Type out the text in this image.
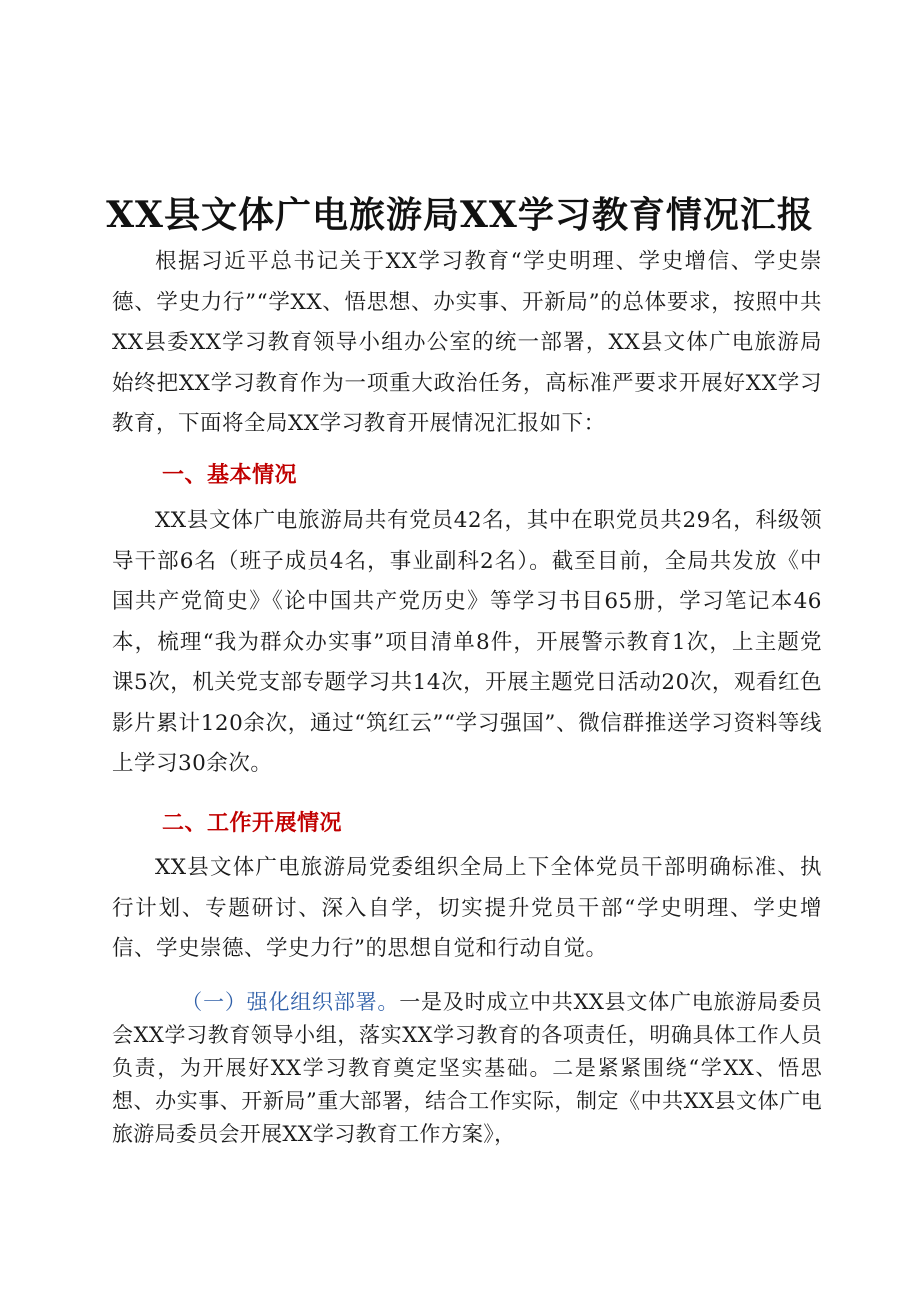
XX县文体广电旅游局XX学习教育情况汇报

根据习近平总书记关于XX学习教育“学史明理、学史增信、学史崇德、学史力行”“学XX、悟思想、办实事、开新局”的总体要求，按照中共XX县委XX学习教育领导小组办公室的统一部署，XX县文体广电旅游局始终把XX学习教育作为一项重大政治任务，高标准严要求开展好XX学习教育，下面将全局XX学习教育开展情况汇报如下：

一、基本情况

XX县文体广电旅游局共有党员42名，其中在职党员共29名，科级领导干部6名（班子成员4名，事业副科2名）。截至目前，全局共发放《中国共产党简史》《论中国共产党历史》等学习书目65册，学习笔记本46本，梳理“我为群众办实事”项目清单8件，开展警示教育1次，上主题党课5次，机关党支部专题学习共14次，开展主题党日活动20次，观看红色影片累计120余次，通过“筑红云”“学习强国”、微信群推送学习资料等线上学习30余次。

二、工作开展情况

XX县文体广电旅游局党委组织全局上下全体党员干部明确标准、执行计划、专题研讨、深入自学，切实提升党员干部“学史明理、学史增信、学史崇德、学史力行”的思想自觉和行动自觉。

（一）强化组织部署。一是及时成立中共XX县文体广电旅游局委员会XX学习教育领导小组，落实XX学习教育的各项责任，明确具体工作人员负责，为开展好XX学习教育奠定坚实基础。二是紧紧围绕“学XX、悟思想、办实事、开新局”重大部署，结合工作实际，制定《中共XX县文体广电旅游局委员会开展XX学习教育工作方案》，
